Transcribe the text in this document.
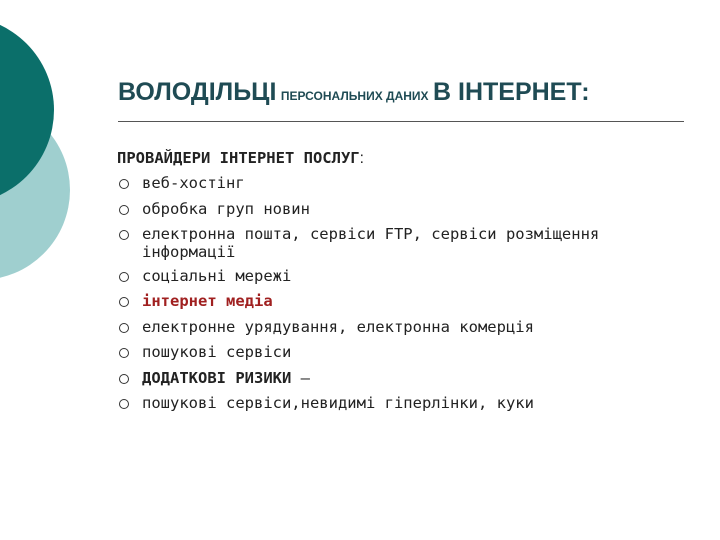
ВОЛОДІЛЬЦІ ПЕРСОНАЛЬНИХ ДАНИХ В ІНТЕРНЕТ:
ПРОВАЙДЕРИ ІНТЕРНЕТ ПОСЛУГ:
веб-хостінг
обробка груп новин
електронна пошта, сервіси FTP, сервіси розміщення
інформації
соціальні мережі
інтернет медіа
електронне урядування, електронна комерція
пошукові сервіси
ДОДАТКОВІ РИЗИКИ –
пошукові сервіси,невидимі гіперлінки, куки
